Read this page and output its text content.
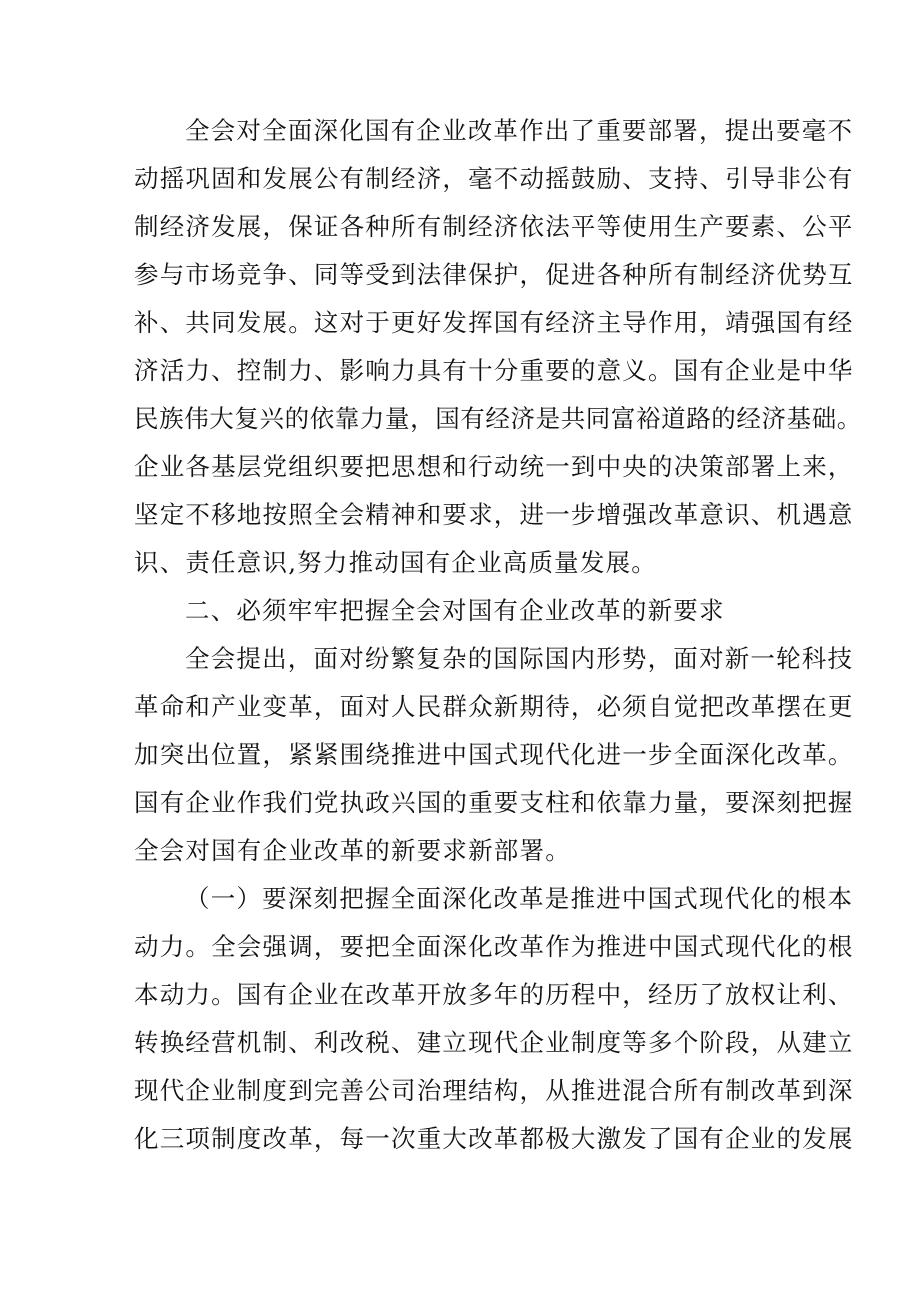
全会对全面深化国有企业改革作出了重要部署，提出要毫不
动摇巩固和发展公有制经济，毫不动摇鼓励、支持、引导非公有
制经济发展，保证各种所有制经济依法平等使用生产要素、公平
参与市场竞争、同等受到法律保护，促进各种所有制经济优势互
补、共同发展。这对于更好发挥国有经济主导作用，靖强国有经
济活力、控制力、影响力具有十分重要的意义。国有企业是中华
民族伟大复兴的依靠力量，国有经济是共同富裕道路的经济基础。
企业各基层党组织要把思想和行动统一到中央的决策部署上来，
坚定不移地按照全会精神和要求，进一步增强改革意识、机遇意
识、责任意识,努力推动国有企业高质量发展。
二、必须牢牢把握全会对国有企业改革的新要求
全会提出，面对纷繁复杂的国际国内形势，面对新一轮科技
革命和产业变革，面对人民群众新期待，必须自觉把改革摆在更
加突出位置，紧紧围绕推进中国式现代化进一步全面深化改革。
国有企业作我们党执政兴国的重要支柱和依靠力量，要深刻把握
全会对国有企业改革的新要求新部署。
（一）要深刻把握全面深化改革是推进中国式现代化的根本
动力。全会强调，要把全面深化改革作为推进中国式现代化的根
本动力。国有企业在改革开放多年的历程中，经历了放权让利、
转换经营机制、利改税、建立现代企业制度等多个阶段，从建立
现代企业制度到完善公司治理结构，从推进混合所有制改革到深
化三项制度改革，每一次重大改革都极大激发了国有企业的发展
